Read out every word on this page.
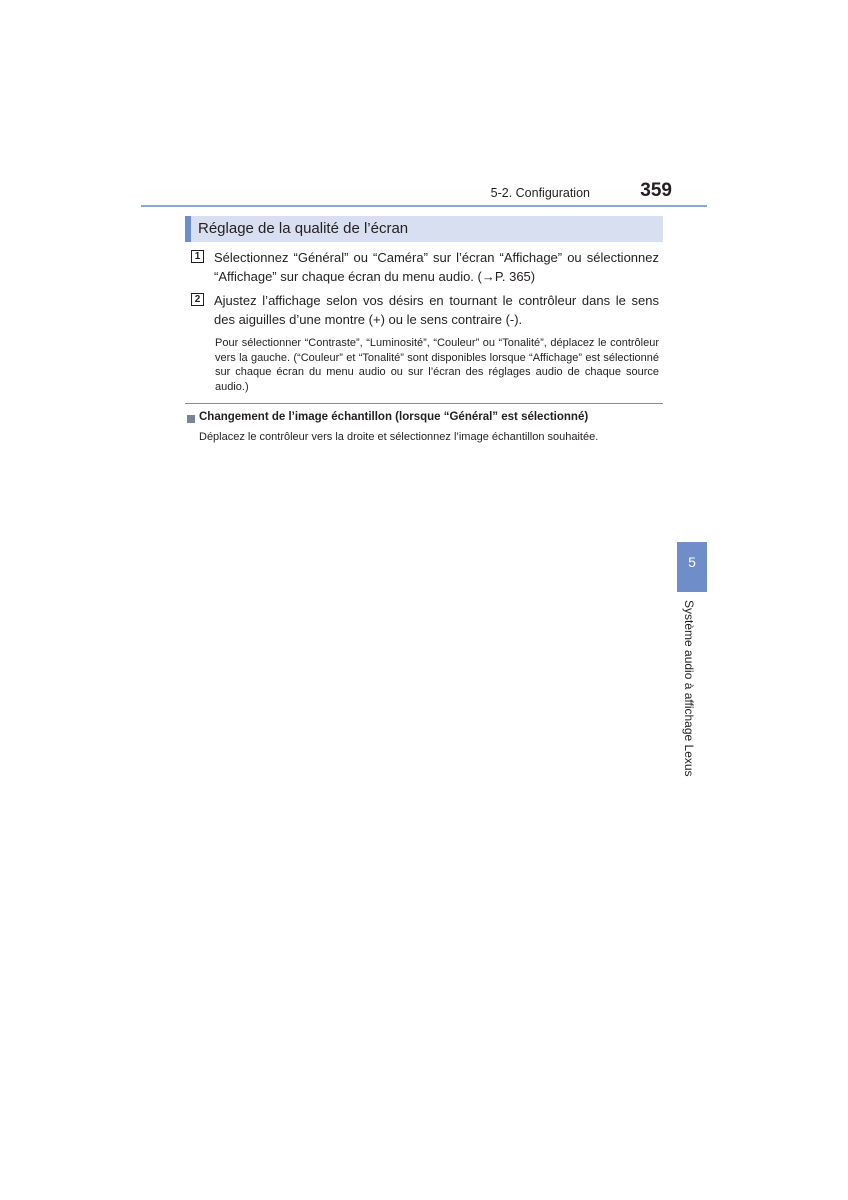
5-2. Configuration	359
Réglage de la qualité de l’écran
1 Sélectionnez “Général” ou “Caméra” sur l’écran “Affichage” ou sélectionnez “Affichage” sur chaque écran du menu audio. (→P. 365)
2 Ajustez l’affichage selon vos désirs en tournant le contrôleur dans le sens des aiguilles d’une montre (+) ou le sens contraire (-).
Pour sélectionner “Contraste”, “Luminosité”, “Couleur” ou “Tonalité”, déplacez le contrôleur vers la gauche. (“Couleur” et “Tonalité” sont disponibles lorsque “Affichage” est sélectionné sur chaque écran du menu audio ou sur l’écran des réglages audio de chaque source audio.)
Changement de l’image échantillon (lorsque “Général” est sélectionné)
Déplacez le contrôleur vers la droite et sélectionnez l’image échantillon souhaitée.
5
Système audio à affichage Lexus
